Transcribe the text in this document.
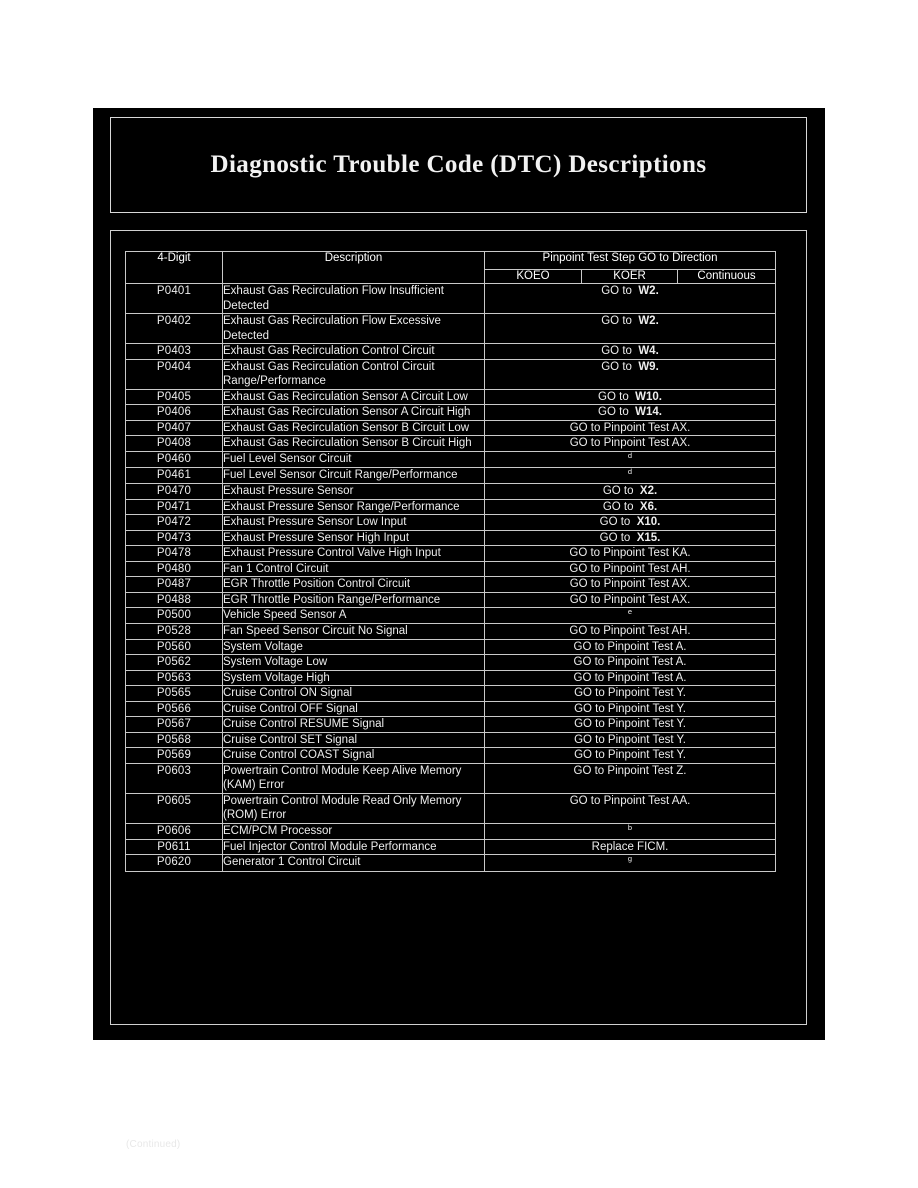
Diagnostic Trouble Code (DTC) Descriptions
4-Digit	Description	Pinpoint Test Step GO to Direction		
		KOEO	KOER	Continuous
P0401	Exhaust Gas Recirculation Flow Insufficient Detected	GO to W2.		
P0402	Exhaust Gas Recirculation Flow Excessive Detected	GO to W2.		
P0403	Exhaust Gas Recirculation Control Circuit	GO to W4.		
P0404	Exhaust Gas Recirculation Control Circuit Range/Performance	GO to W9.		
P0405	Exhaust Gas Recirculation Sensor A Circuit Low	GO to W10.		
P0406	Exhaust Gas Recirculation Sensor A Circuit High	GO to W14.		
P0407	Exhaust Gas Recirculation Sensor B Circuit Low	GO to Pinpoint Test AX.		
P0408	Exhaust Gas Recirculation Sensor B Circuit High	GO to Pinpoint Test AX.		
P0460	Fuel Level Sensor Circuit	$^d$
P0461	Fuel Level Sensor Circuit Range/Performance	$^d$
P0470	Exhaust Pressure Sensor	GO to X2.		
P0471	Exhaust Pressure Sensor Range/Performance	GO to X6.		
P0472	Exhaust Pressure Sensor Low Input	GO to X10.		
P0473	Exhaust Pressure Sensor High Input	GO to X15.		
P0478	Exhaust Pressure Control Valve High Input	GO to Pinpoint Test KA.		
P0480	Fan 1 Control Circuit	GO to Pinpoint Test AH.		
P0487	EGR Throttle Position Control Circuit	GO to Pinpoint Test AX.		
P0488	EGR Throttle Position Range/Performance	GO to Pinpoint Test AX.		
P0500	Vehicle Speed Sensor A	$^e$
P0528	Fan Speed Sensor Circuit No Signal	GO to Pinpoint Test AH.		
P0560	System Voltage	GO to Pinpoint Test A.		
P0562	System Voltage Low	GO to Pinpoint Test A.		
P0563	System Voltage High	GO to Pinpoint Test A.		
P0565	Cruise Control ON Signal	GO to Pinpoint Test Y.		
P0566	Cruise Control OFF Signal	GO to Pinpoint Test Y.		
P0567	Cruise Control RESUME Signal	GO to Pinpoint Test Y.		
P0568	Cruise Control SET Signal	GO to Pinpoint Test Y.		
P0569	Cruise Control COAST Signal	GO to Pinpoint Test Y.		
P0603	Powertrain Control Module Keep Alive Memory (KAM) Error	GO to Pinpoint Test Z.		
P0605	Powertrain Control Module Read Only Memory (ROM) Error	GO to Pinpoint Test AA.		
P0606	ECM/PCM Processor	$^b$
P0611	Fuel Injector Control Module Performance	Replace FICM.		
P0620	Generator 1 Control Circuit	$^g$
(Continued)
